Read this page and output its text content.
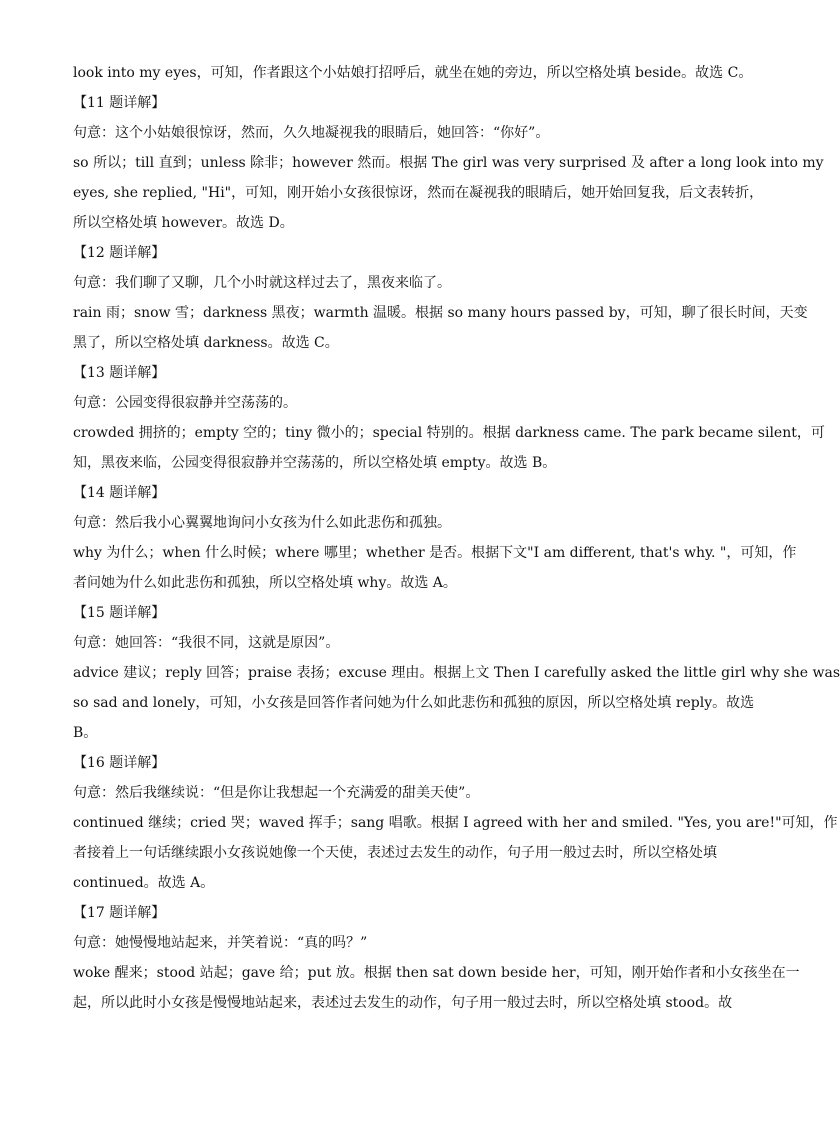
look into my eyes，可知，作者跟这个小姑娘打招呼后，就坐在她的旁边，所以空格处填 beside。故选 C。
【11 题详解】
句意：这个小姑娘很惊讶，然而，久久地凝视我的眼睛后，她回答：“你好”。
so 所以；till 直到；unless 除非；however 然而。根据 The girl was very surprised 及 after a long look into my
eyes, she replied, "Hi"，可知，刚开始小女孩很惊讶，然而在凝视我的眼睛后，她开始回复我，后文表转折，
所以空格处填 however。故选 D。
【12 题详解】
句意：我们聊了又聊，几个小时就这样过去了，黑夜来临了。
rain 雨；snow 雪；darkness 黑夜；warmth 温暖。根据 so many hours passed by，可知，聊了很长时间，天变
黑了，所以空格处填 darkness。故选 C。
【13 题详解】
句意：公园变得很寂静并空荡荡的。
crowded 拥挤的；empty 空的；tiny 微小的；special 特别的。根据 darkness came. The park became silent，可
知，黑夜来临，公园变得很寂静并空荡荡的，所以空格处填 empty。故选 B。
【14 题详解】
句意：然后我小心翼翼地询问小女孩为什么如此悲伤和孤独。
why 为什么；when 什么时候；where 哪里；whether 是否。根据下文"I am different, that's why. "，可知，作
者问她为什么如此悲伤和孤独，所以空格处填 why。故选 A。
【15 题详解】
句意：她回答：“我很不同，这就是原因”。
advice 建议；reply 回答；praise 表扬；excuse 理由。根据上文 Then I carefully asked the little girl why she was
so sad and lonely，可知，小女孩是回答作者问她为什么如此悲伤和孤独的原因，所以空格处填 reply。故选
B。
【16 题详解】
句意：然后我继续说：“但是你让我想起一个充满爱的甜美天使”。
continued 继续；cried 哭；waved 挥手；sang 唱歌。根据 I agreed with her and smiled. "Yes, you are!"可知，作
者接着上一句话继续跟小女孩说她像一个天使，表述过去发生的动作，句子用一般过去时，所以空格处填
continued。故选 A。
【17 题详解】
句意：她慢慢地站起来，并笑着说：“真的吗？”
woke 醒来；stood 站起；gave 给；put 放。根据 then sat down beside her，可知，刚开始作者和小女孩坐在一
起，所以此时小女孩是慢慢地站起来，表述过去发生的动作，句子用一般过去时，所以空格处填 stood。故
